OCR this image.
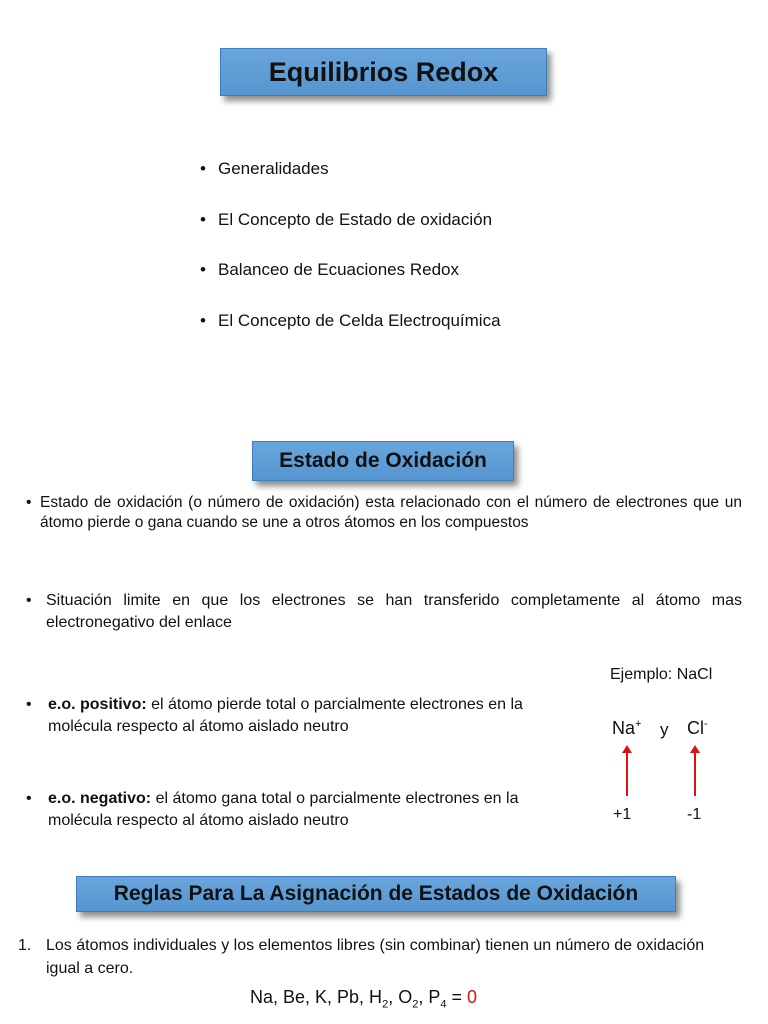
Equilibrios Redox
• Generalidades
• El Concepto de Estado de oxidación
• Balanceo de Ecuaciones Redox
• El Concepto de Celda Electroquímica
Estado de Oxidación
• Estado de oxidación (o número de oxidación) esta relacionado con el número de electrones que un átomo pierde o gana cuando se une a otros átomos en los compuestos
• Situación limite en que los electrones se han transferido completamente al átomo mas electronegativo del enlace
• e.o. positivo: el átomo pierde total o parcialmente electrones en la molécula respecto al átomo aislado neutro
• e.o. negativo: el átomo gana total o parcialmente electrones en la molécula respecto al átomo aislado neutro
Ejemplo: NaCl
Na+ y Cl-
+1	-1
Reglas Para La Asignación de Estados de Oxidación
1. Los átomos individuales y los elementos libres (sin combinar) tienen un número de oxidación igual a cero.
Na, Be, K, Pb, $H_2$, $O_2$, $P_4 = 0$
